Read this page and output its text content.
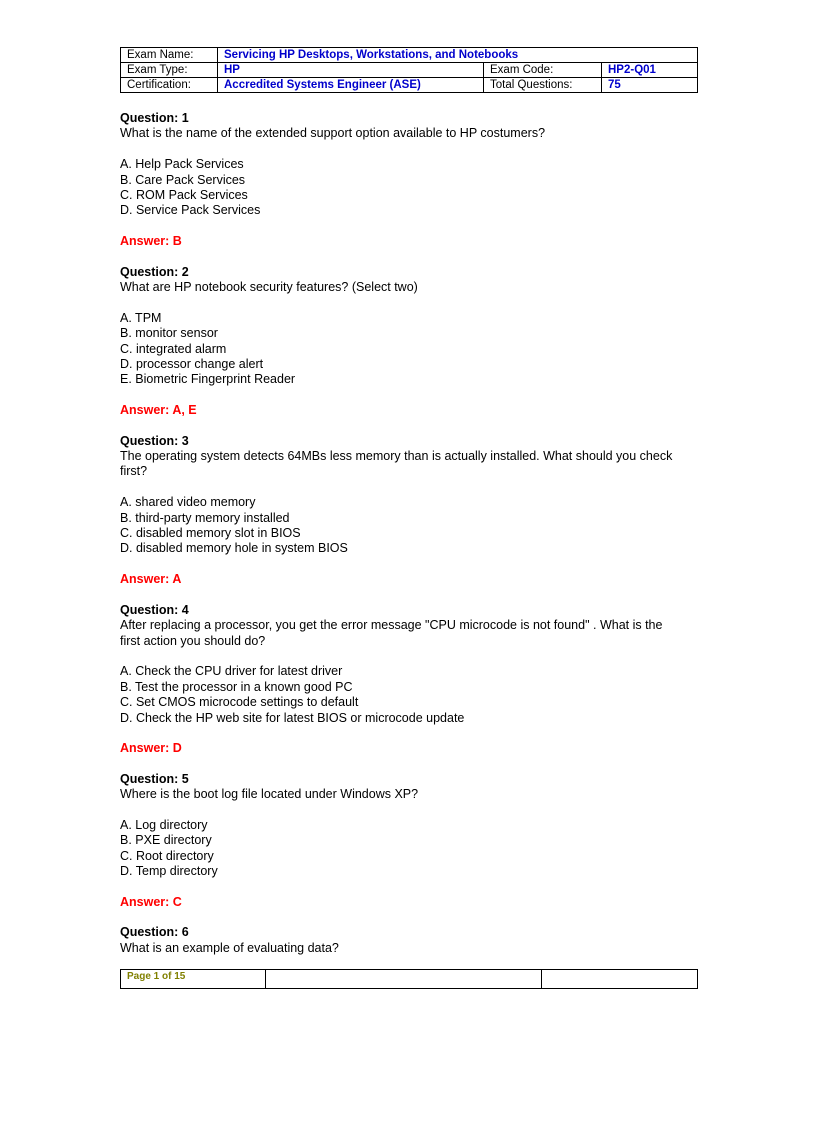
Exam Name:	Servicing HP Desktops, Workstations, and Notebooks		
Exam Type:	HP	Exam Code:	HP2-Q01
Certification:	Accredited Systems Engineer (ASE)	Total Questions:	75
Question: 1
What is the name of the extended support option available to HP costumers?
A. Help Pack Services
B. Care Pack Services
C. ROM Pack Services
D. Service Pack Services
Answer: B
Question: 2
What are HP notebook security features? (Select two)
A. TPM
B. monitor sensor
C. integrated alarm
D. processor change alert
E. Biometric Fingerprint Reader
Answer: A, E
Question: 3
The operating system detects 64MBs less memory than is actually installed. What should you check first?
A. shared video memory
B. third-party memory installed
C. disabled memory slot in BIOS
D. disabled memory hole in system BIOS
Answer: A
Question: 4
After replacing a processor, you get the error message "CPU microcode is not found" . What is the first action you should do?
A. Check the CPU driver for latest driver
B. Test the processor in a known good PC
C. Set CMOS microcode settings to default
D. Check the HP web site for latest BIOS or microcode update
Answer: D
Question: 5
Where is the boot log file located under Windows XP?
A. Log directory
B. PXE directory
C. Root directory
D. Temp directory
Answer: C
Question: 6
What is an example of evaluating data?
Page 1 of 15		
